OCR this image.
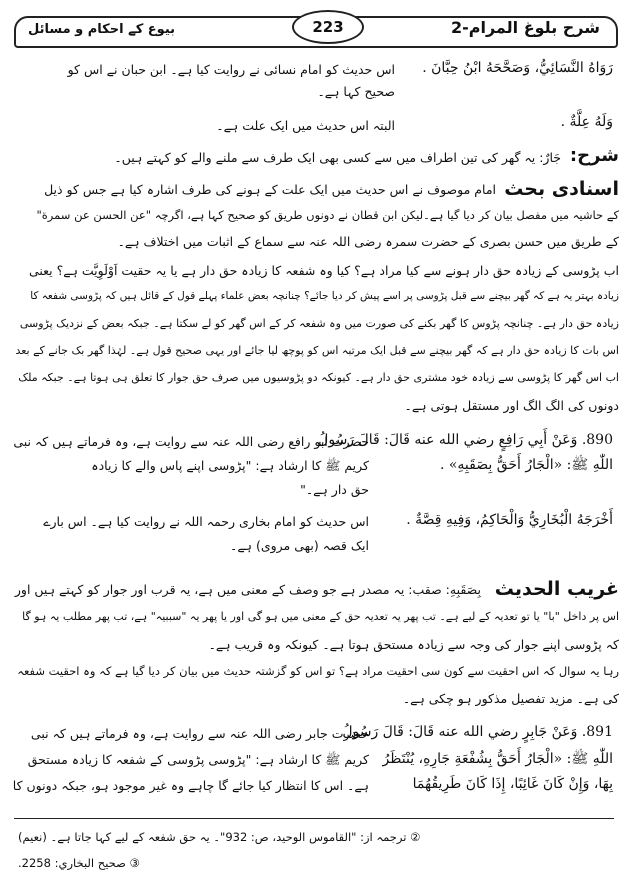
بیوع کے احکام و مسائل	223	شرح بلوغ المرام-2
رَوَاهُ النَّسَائِيُّ، وَصَحَّحَهُ ابْنُ حِبَّانَ .
اس حدیث کو امام نسائی نے روایت کیا ہے۔ ابن حبان نے اس کو
صحیح کہا ہے۔
وَلَهُ عِلَّةٌ .
البتہ اس حدیث میں ایک علت ہے۔
شرح:
جَارٌ: یہ گھر کی تین اطراف میں سے کسی بھی ایک طرف سے ملنے والے کو کہتے ہیں۔
اسنادی بحث
امام موصوف نے اس حدیث میں ایک علت کے ہونے کی طرف اشارہ کیا ہے جس کو ذیل
کے حاشیہ میں مفصل بیان کر دیا گیا ہے۔لیکن ابن قطان نے دونوں طریق کو صحیح کہا ہے، اگرچہ "عن الحسن عن سمرة"
کے طریق میں حسن بصری کے حضرت سمرہ رضی اللہ عنہ سے سماع کے اثبات میں اختلاف ہے۔
اب پڑوسی کے زیادہ حق دار ہونے سے کیا مراد ہے؟ کیا وہ شفعہ کا زیادہ حق دار ہے یا یہ حقیت اَوْلَوِيَّت ہے؟ یعنی
زیادہ بہتر یہ ہے کہ گھر بیچنے سے قبل پڑوسی پر اسے پیش کر دیا جائے؟ چنانچہ بعض علماء پہلے قول کے قائل ہیں کہ پڑوسی شفعہ کا
زیادہ حق دار ہے۔ چنانچہ پڑوس کا گھر بکنے کی صورت میں وہ شفعہ کر کے اس گھر کو لے سکتا ہے۔ جبکہ بعض کے نزدیک پڑوسی
اس بات کا زیادہ حق دار ہے کہ گھر بیچنے سے قبل ایک مرتبہ اس کو پوچھ لیا جائے اور یہی صحیح قول ہے۔ لہٰذا گھر بک جانے کے بعد
اب اس گھر کا پڑوسی سے زیادہ خود مشتری حق دار ہے۔ کیونکہ دو پڑوسیوں میں صرف حق جوار کا تعلق ہی ہوتا ہے۔ جبکہ ملک
دونوں کی الگ الگ اور مستقل ہوتی ہے۔
890. وَعَنْ أَبِي رَافِعٍ رضي الله عنه قَالَ: قَالَ رَسُولُ
اللّٰهِ ﷺ: «الْجَارُ أَحَقُّ بِصَقَبِهِ» .
حضرت ابو رافع رضی اللہ عنہ سے روایت ہے، وہ فرماتے ہیں کہ نبی
کریم ﷺ کا ارشاد ہے: "پڑوسی اپنے پاس والے کا زیادہ
حق دار ہے۔"
أَخْرَجَهُ الْبُخَارِيُّ وَالْحَاكِمُ، وَفِيهِ قِصَّةٌ .
اس حدیث کو امام بخاری رحمہ اللہ نے روایت کیا ہے۔ اس بارے
ایک قصہ (بھی مروی) ہے۔
غریب الحدیث
بِصَقَبِهِ: صقب: یہ مصدر ہے جو وصف کے معنی میں ہے، یہ قرب اور جوار کو کہتے ہیں اور
اس پر داخل "با" یا تو تعدیہ کے لیے ہے۔ تب پھر یہ تعدیہ حق کے معنی میں ہو گی اور یا پھر یہ "سببیہ" ہے، تب پھر مطلب یہ ہو گا
کہ پڑوسی اپنے جوار کی وجہ سے زیادہ مستحق ہوتا ہے۔ کیونکہ وہ قریب ہے۔
رہا یہ سوال کہ اس احقیت سے کون سی احقیت مراد ہے؟ تو اس کو گزشتہ حدیث میں بیان کر دیا گیا ہے کہ وہ احقیت شفعہ
کی ہے۔ مزید تفصیل مذکور ہو چکی ہے۔
891. وَعَنْ جَابِرٍ رضي الله عنه قَالَ: قَالَ رَسُولُ
اللّٰهِ ﷺ: «الْجَارُ أَحَقُّ بِشُفْعَةِ جَارِهِ، يُنْتَظَرُ
بِهَا، وَإِنْ كَانَ غَائِبًا، إِذَا كَانَ طَرِيقُهُمَا
حضرت جابر رضی اللہ عنہ سے روایت ہے، وہ فرماتے ہیں کہ نبی
کریم ﷺ کا ارشاد ہے: "پڑوسی پڑوسی کے شفعہ کا زیادہ مستحق
ہے۔ اس کا انتظار کیا جائے گا چاہے وہ غیر موجود ہو، جبکہ دونوں کا
② ترجمہ از: "القاموس الوحید، ص: 932"۔ یہ حق شفعہ کے لیے کہا جاتا ہے۔ (نعیم)
③ صحيح البخاري: 2258.
